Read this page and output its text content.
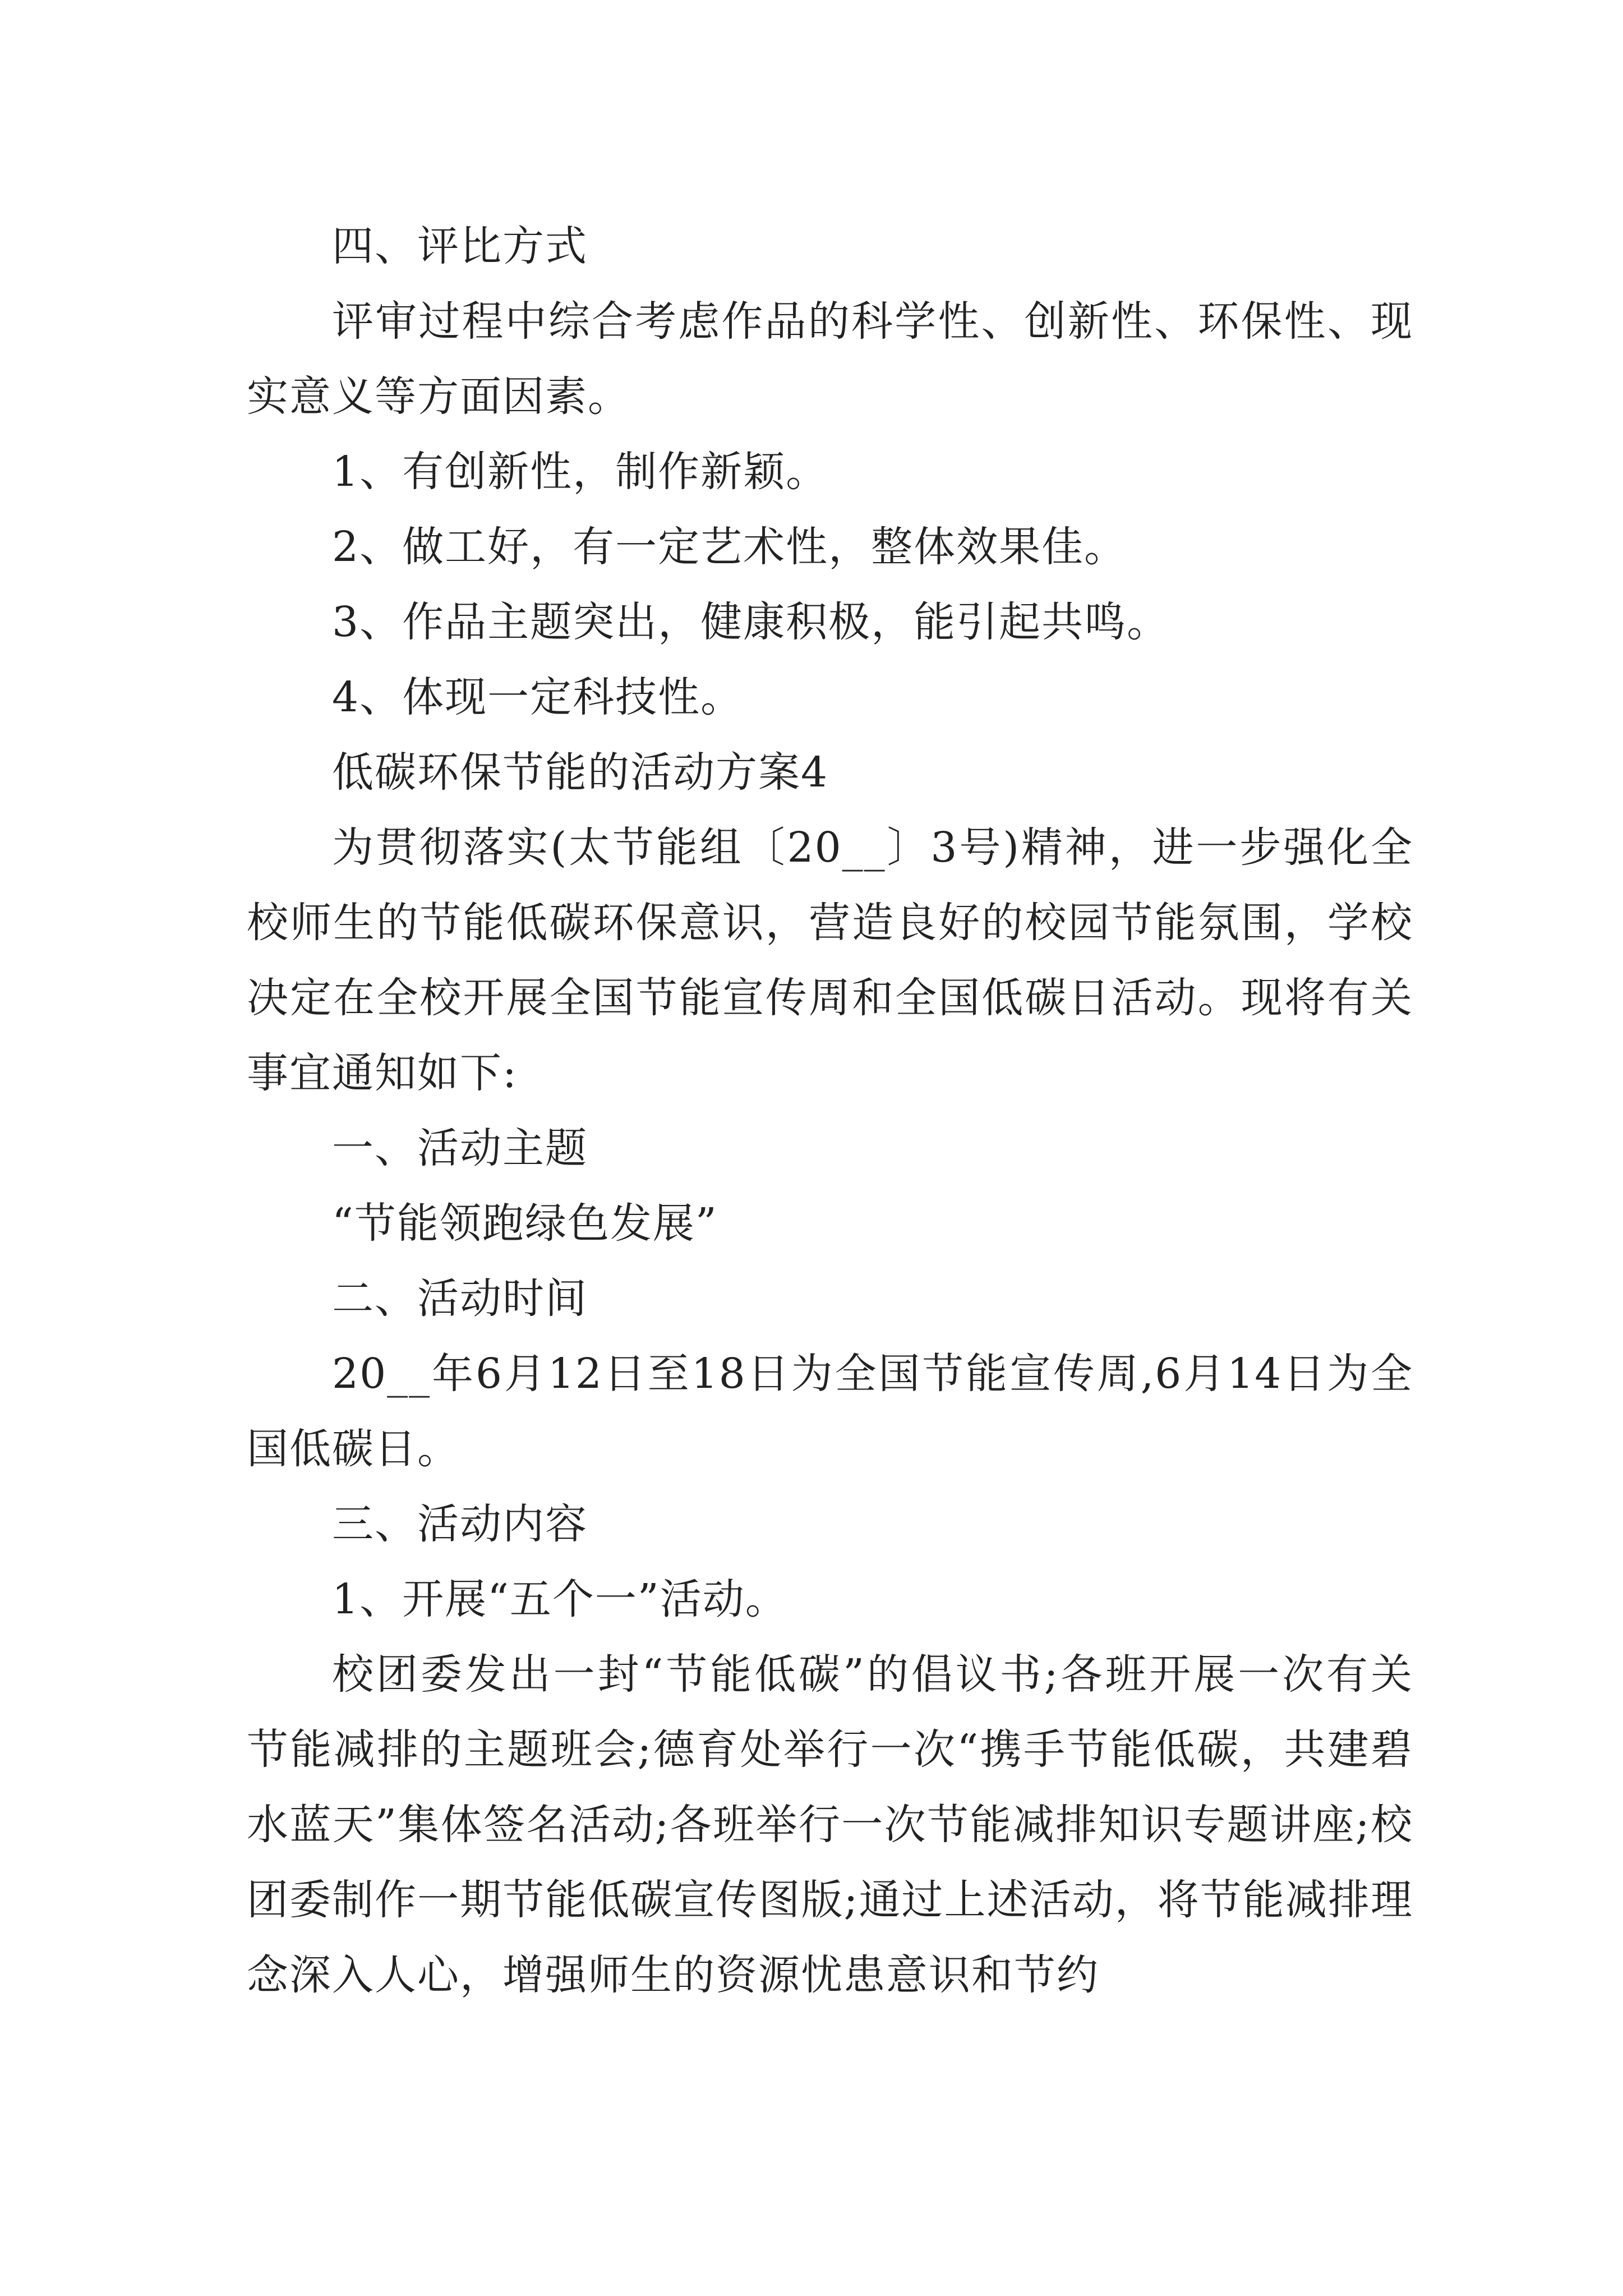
四、评比方式

评审过程中综合考虑作品的科学性、创新性、环保性、现实意义等方面因素。

1、有创新性，制作新颖。

2、做工好，有一定艺术性，整体效果佳。

3、作品主题突出，健康积极，能引起共鸣。

4、体现一定科技性。

低碳环保节能的活动方案4

为贯彻落实(太节能组〔20__〕3号)精神，进一步强化全校师生的节能低碳环保意识，营造良好的校园节能氛围，学校决定在全校开展全国节能宣传周和全国低碳日活动。现将有关事宜通知如下:

一、活动主题

“节能领跑绿色发展”

二、活动时间

20__年6月12日至18日为全国节能宣传周,6月14日为全国低碳日。

三、活动内容

1、开展“五个一”活动。

校团委发出一封“节能低碳”的倡议书;各班开展一次有关节能减排的主题班会;德育处举行一次“携手节能低碳，共建碧水蓝天”集体签名活动;各班举行一次节能减排知识专题讲座;校团委制作一期节能低碳宣传图版;通过上述活动，将节能减排理念深入人心，增强师生的资源忧患意识和节约
